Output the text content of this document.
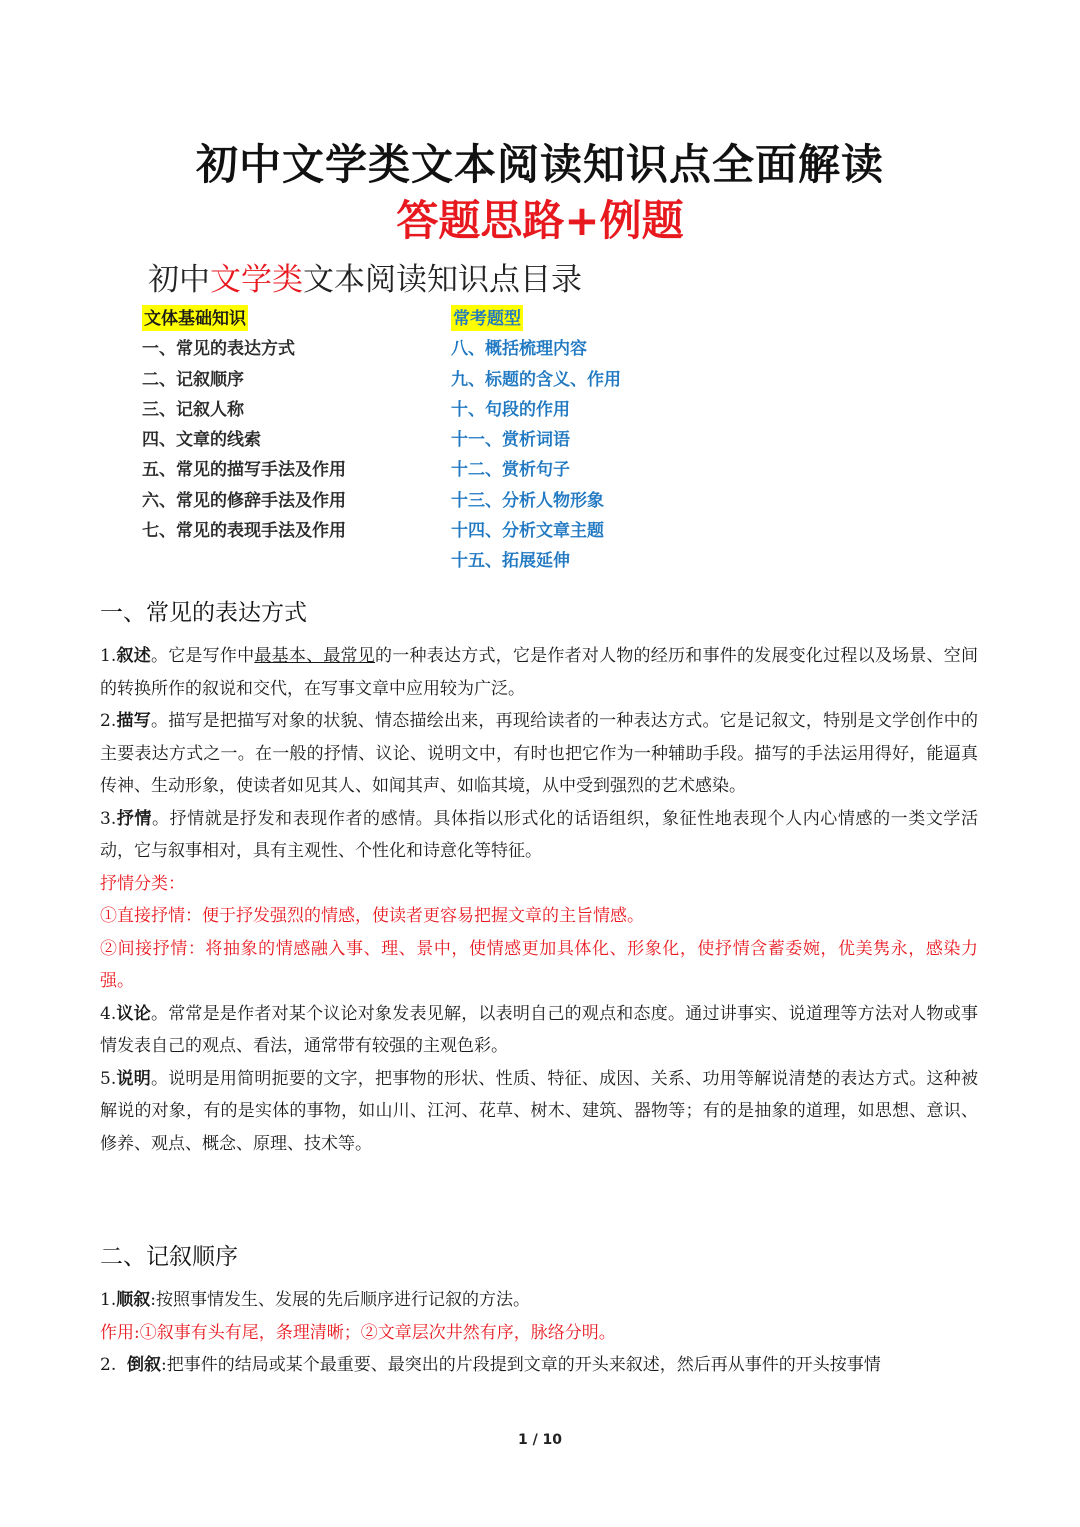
初中文学类文本阅读知识点全面解读
答题思路+例题
初中文学类文本阅读知识点目录
文体基础知识
一、常见的表达方式
二、记叙顺序
三、记叙人称
四、文章的线索
五、常见的描写手法及作用
六、常见的修辞手法及作用
七、常见的表现手法及作用
常考题型
八、概括梳理内容
九、标题的含义、作用
十、句段的作用
十一、赏析词语
十二、赏析句子
十三、分析人物形象
十四、分析文章主题
十五、拓展延伸
一、常见的表达方式

1.叙述。它是写作中最基本、最常见的一种表达方式，它是作者对人物的经历和事件的发展变化过程以及场景、空间的转换所作的叙说和交代，在写事文章中应用较为广泛。

2.描写。描写是把描写对象的状貌、情态描绘出来，再现给读者的一种表达方式。它是记叙文，特别是文学创作中的主要表达方式之一。在一般的抒情、议论、说明文中，有时也把它作为一种辅助手段。描写的手法运用得好，能逼真传神、生动形象，使读者如见其人、如闻其声、如临其境，从中受到强烈的艺术感染。

3.抒情。抒情就是抒发和表现作者的感情。具体指以形式化的话语组织，象征性地表现个人内心情感的一类文学活动，它与叙事相对，具有主观性、个性化和诗意化等特征。

抒情分类：

①直接抒情：便于抒发强烈的情感，使读者更容易把握文章的主旨情感。

②间接抒情：将抽象的情感融入事、理、景中，使情感更加具体化、形象化，使抒情含蓄委婉，优美隽永，感染力强。

4.议论。常常是是作者对某个议论对象发表见解，以表明自己的观点和态度。通过讲事实、说道理等方法对人物或事情发表自己的观点、看法，通常带有较强的主观色彩。

5.说明。说明是用简明扼要的文字，把事物的形状、性质、特征、成因、关系、功用等解说清楚的表达方式。这种被解说的对象，有的是实体的事物，如山川、江河、花草、树木、建筑、器物等；有的是抽象的道理，如思想、意识、修养、观点、概念、原理、技术等。

二、记叙顺序

1.顺叙:按照事情发生、发展的先后顺序进行记叙的方法。

作用:①叙事有头有尾，条理清晰；②文章层次井然有序，脉络分明。

2. 倒叙:把事件的结局或某个最重要、最突出的片段提到文章的开头来叙述，然后再从事件的开头按事情

1 / 10
